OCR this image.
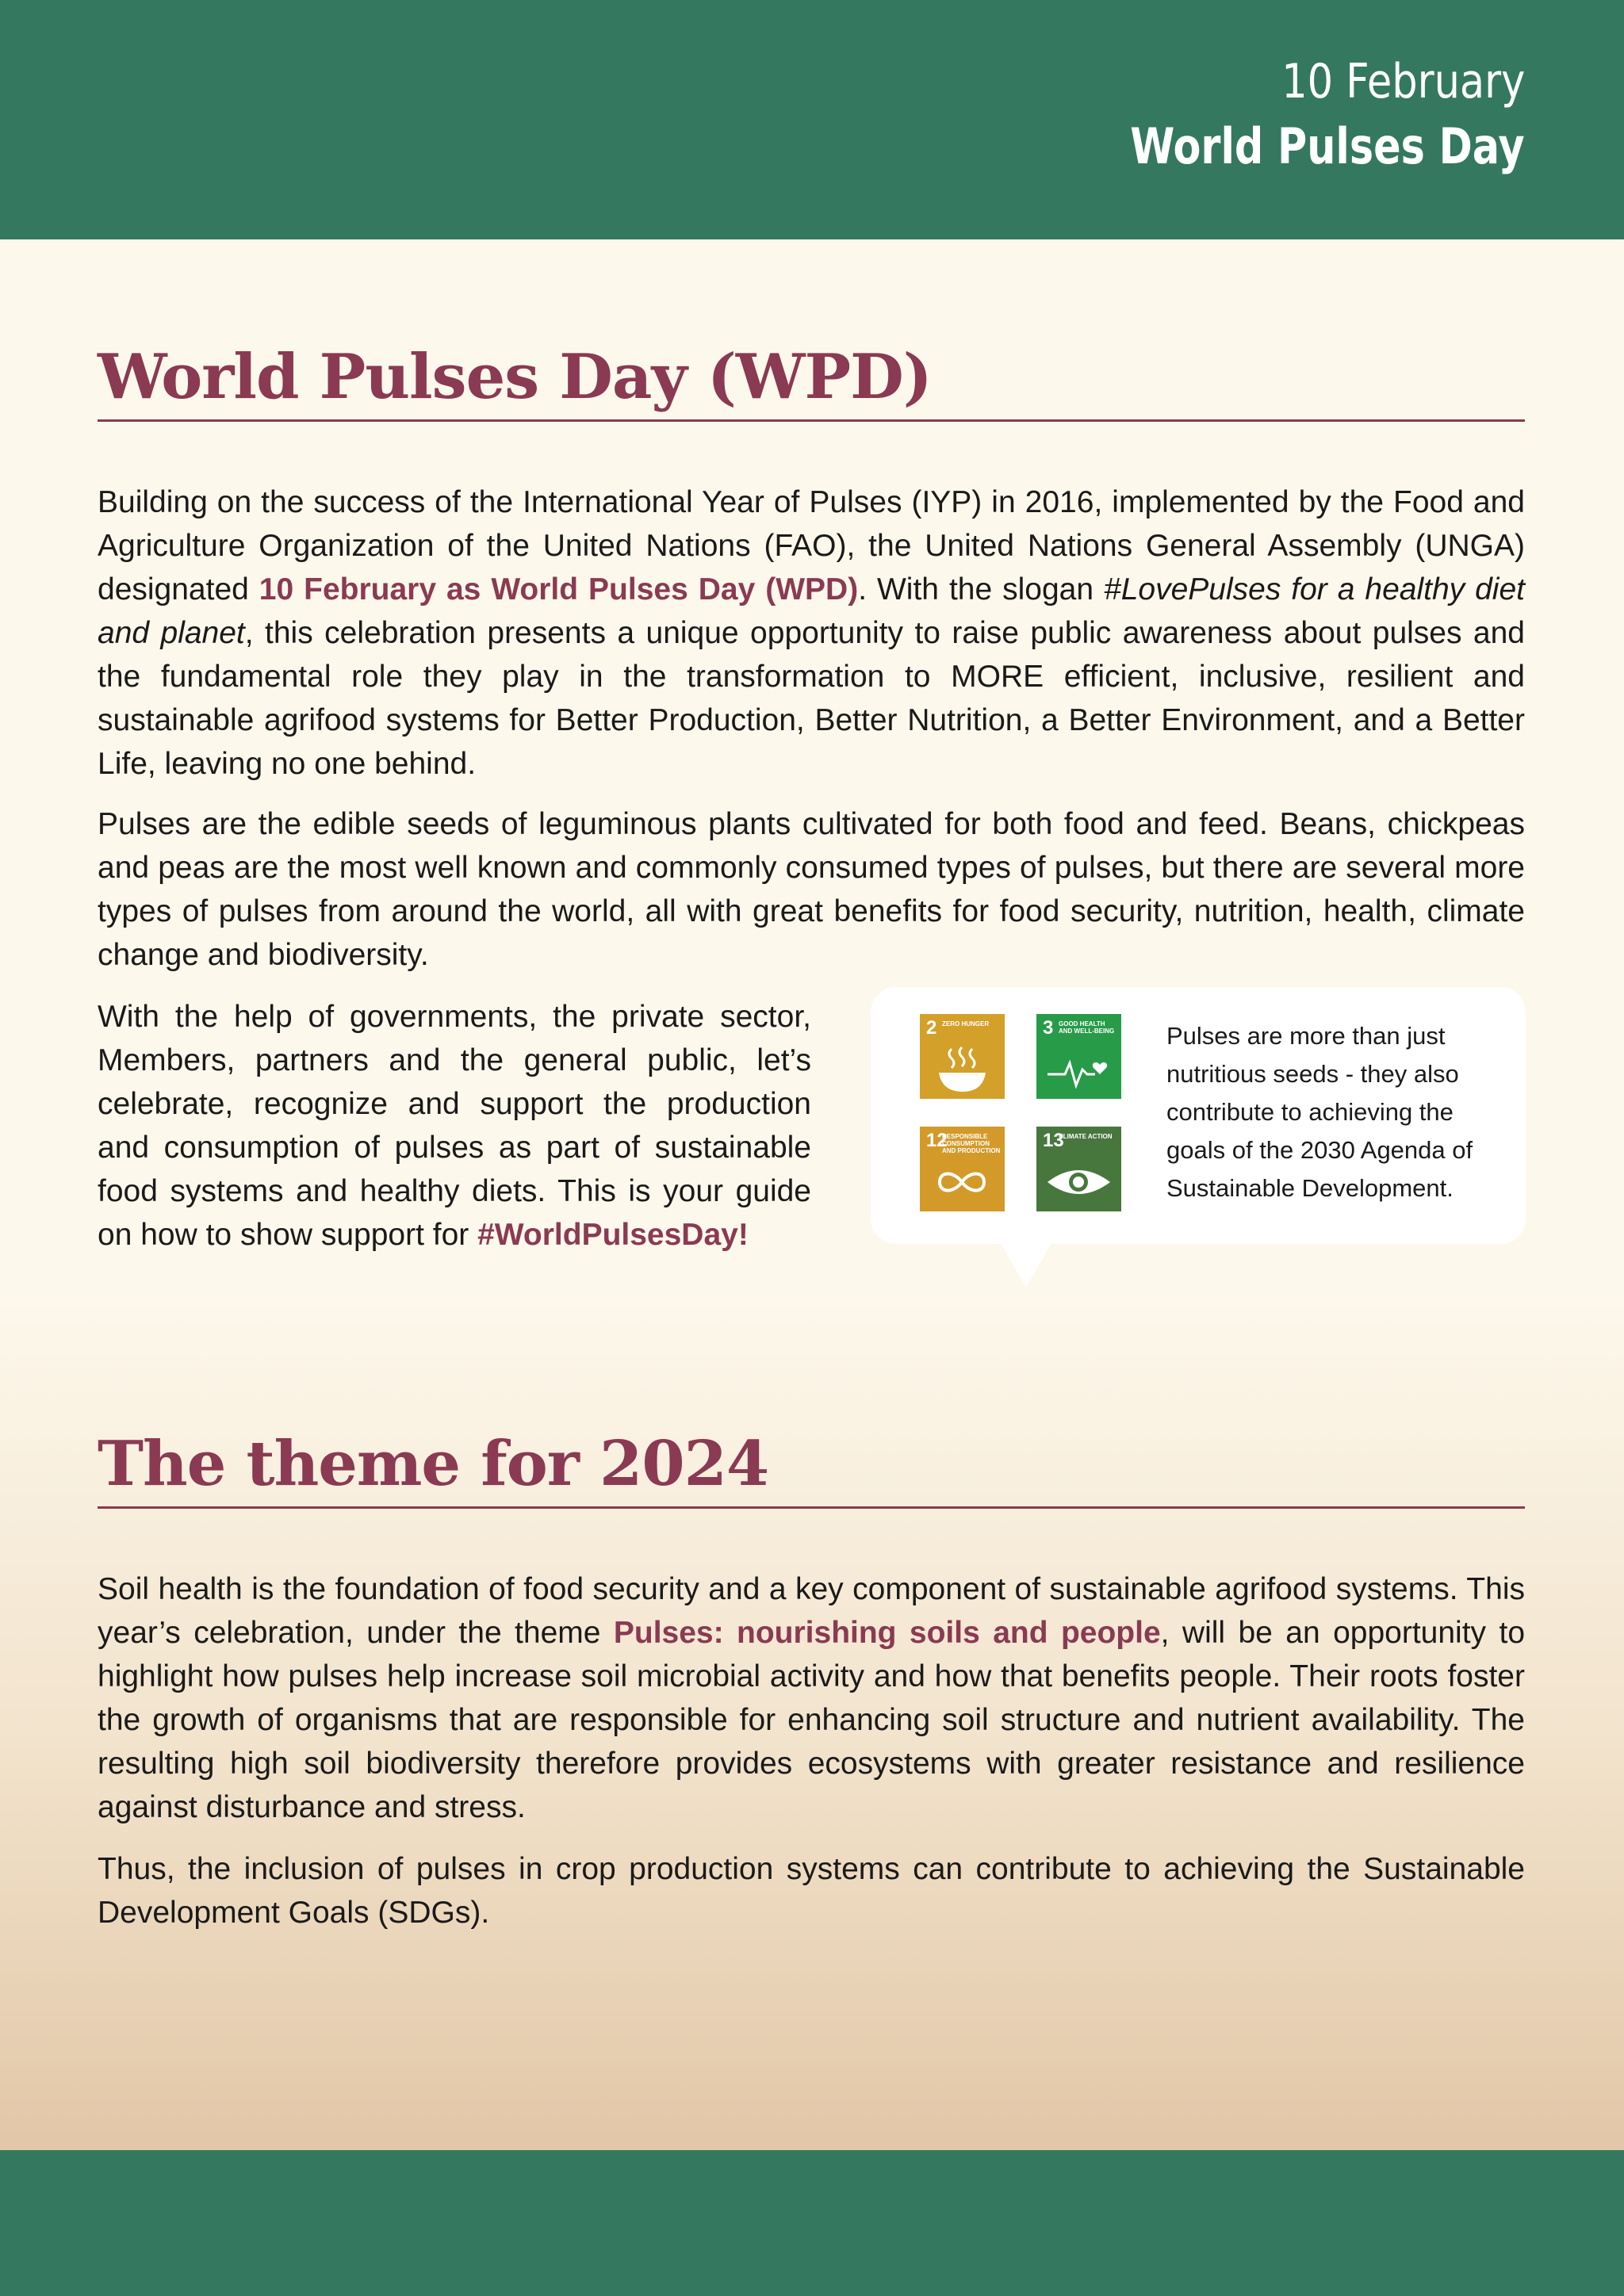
10 February
World Pulses Day
World Pulses Day (WPD)

Building on the success of the International Year of Pulses (IYP) in 2016, implemented by the Food and Agriculture Organization of the United Nations (FAO), the United Nations General Assembly (UNGA) designated 10 February as World Pulses Day (WPD). With the slogan #LovePulses for a healthy diet and planet, this celebration presents a unique opportunity to raise public awareness about pulses and the fundamental role they play in the transformation to MORE efficient, inclusive, resilient and sustainable agrifood systems for Better Production, Better Nutrition, a Better Environment, and a Better Life, leaving no one behind.

Pulses are the edible seeds of leguminous plants cultivated for both food and feed. Beans, chickpeas and peas are the most well known and commonly consumed types of pulses, but there are several more types of pulses from around the world, all with great benefits for food security, nutrition, health, climate change and biodiversity.

With the help of governments, the private sector, Members, partners and the general public, let’s celebrate, recognize and support the production and consumption of pulses as part of sustainable food systems and healthy diets. This is your guide on how to show support for #WorldPulsesDay!

2 ZERO HUNGER	3 GOOD HEALTH AND WELL-BEING
12
RESPONSIBLE CONSUMPTION AND PRODUCTION 13
CLIMATE ACTION

Pulses are more than just nutritious seeds - they also contribute to achieving the goals of the 2030 Agenda of Sustainable Development.

The theme for 2024

Soil health is the foundation of food security and a key component of sustainable agrifood systems. This year’s celebration, under the theme Pulses: nourishing soils and people, will be an opportunity to highlight how pulses help increase soil microbial activity and how that benefits people. Their roots foster the growth of organisms that are responsible for enhancing soil structure and nutrient availability. The resulting high soil biodiversity therefore provides ecosystems with greater resistance and resilience against disturbance and stress.

Thus, the inclusion of pulses in crop production systems can contribute to achieving the Sustainable Development Goals (SDGs).
